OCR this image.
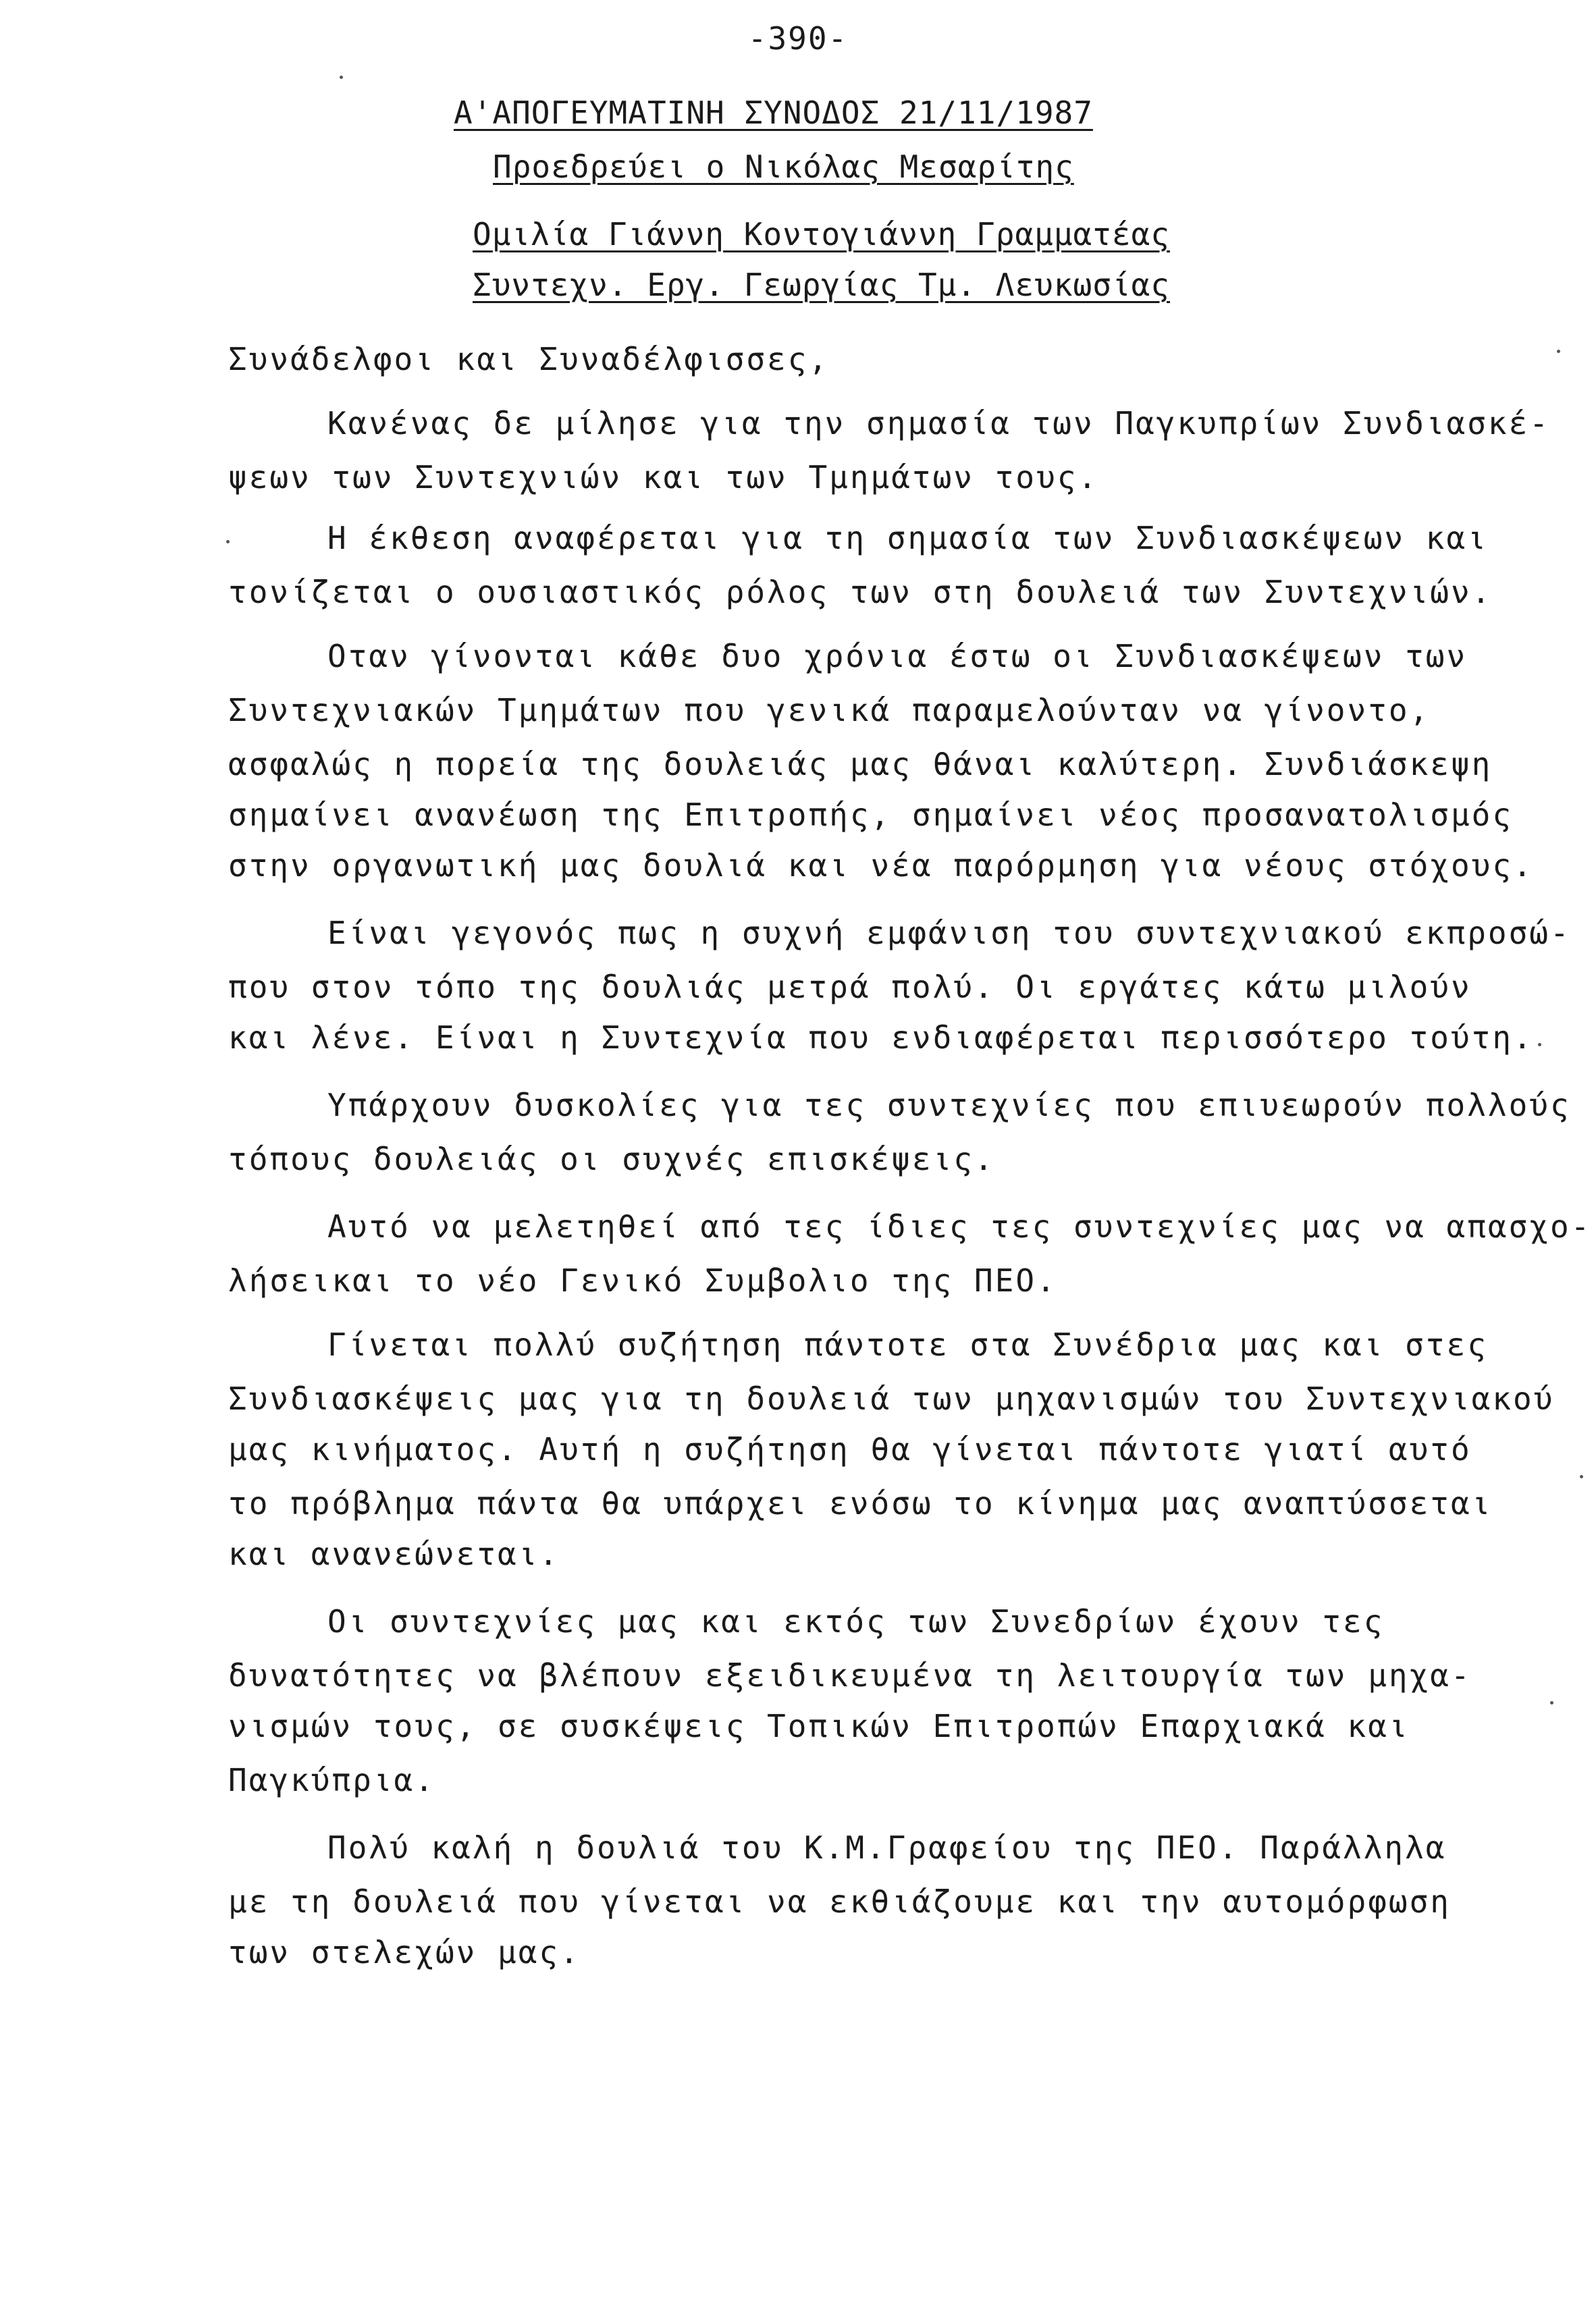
-390-
Α'ΑΠΟΓΕΥΜΑΤΙΝΗ ΣΥΝΟΔΟΣ 21/11/1987
Προεδρεύει ο Νικόλας Μεσαρίτης
Ομιλία Γιάννη Κοντογιάννη Γραμματέας
Συντεχν. Εργ. Γεωργίας Τμ. Λευκωσίας
Συνάδελφοι και Συναδέλφισσες,
Κανένας δε μίλησε για την σημασία των Παγκυπρίων Συνδιασκέ-
ψεων των Συντεχνιών και των Τμημάτων τους.
Η έκθεση αναφέρεται για τη σημασία των Συνδιασκέψεων και
τονίζεται ο ουσιαστικός ρόλος των στη δουλειά των Συντεχνιών.
Οταν γίνονται κάθε δυο χρόνια έστω οι Συνδιασκέψεων των
Συντεχνιακών Τμημάτων που γενικά παραμελούνταν να γίνοντο,
ασφαλώς η πορεία της δουλειάς μας θάναι καλύτερη. Συνδιάσκεψη
σημαίνει ανανέωση της Επιτροπής, σημαίνει νέος προσανατολισμός
στην οργανωτική μας δουλιά και νέα παρόρμηση για νέους στόχους.
Είναι γεγονός πως η συχνή εμφάνιση του συντεχνιακού εκπροσώ-
που στον τόπο της δουλιάς μετρά πολύ. Οι εργάτες κάτω μιλούν
και λένε. Είναι η Συντεχνία που ενδιαφέρεται περισσότερο τούτη.
Υπάρχουν δυσκολίες για τες συντεχνίες που επιυεωρούν πολλούς
τόπους δουλειάς οι συχνές επισκέψεις.
Αυτό να μελετηθεί από τες ίδιες τες συντεχνίες μας να απασχο-
λήσεικαι το νέο Γενικό Συμβολιο της ΠΕΟ.
Γίνεται πολλύ συζήτηση πάντοτε στα Συνέδρια μας και στες
Συνδιασκέψεις μας για τη δουλειά των μηχανισμών του Συντεχνιακού
μας κινήματος. Αυτή η συζήτηση θα γίνεται πάντοτε γιατί αυτό
το πρόβλημα πάντα θα υπάρχει ενόσω το κίνημα μας αναπτύσσεται
και ανανεώνεται.
Οι συντεχνίες μας και εκτός των Συνεδρίων έχουν τες
δυνατότητες να βλέπουν εξειδικευμένα τη λειτουργία των μηχα-
νισμών τους, σε συσκέψεις Τοπικών Επιτροπών Επαρχιακά και
Παγκύπρια.
Πολύ καλή η δουλιά του Κ.Μ.Γραφείου της ΠΕΟ. Παράλληλα
με τη δουλειά που γίνεται να εκθιάζουμε και την αυτομόρφωση
των στελεχών μας.
